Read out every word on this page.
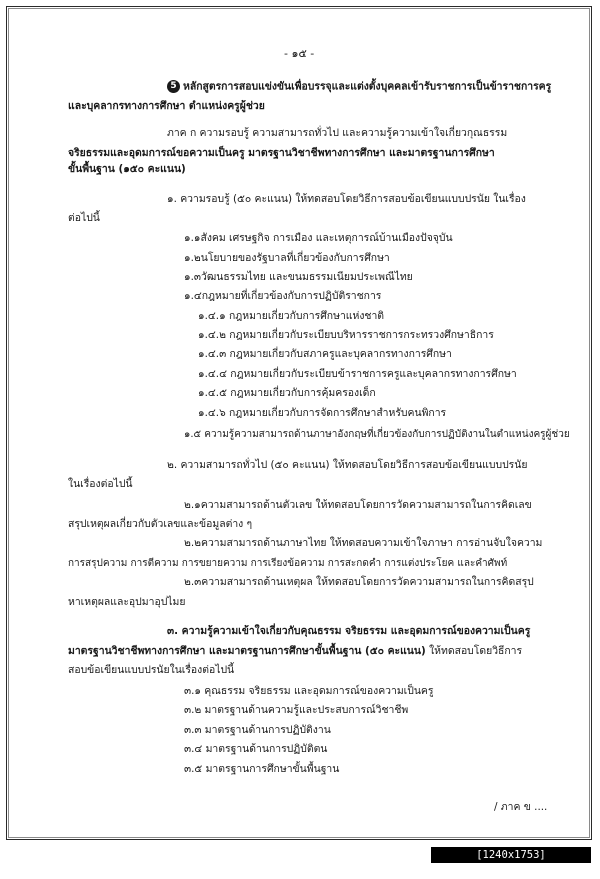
- ๑๕ -
5 หลักสูตรการสอบแข่งขันเพื่อบรรจุและแต่งตั้งบุคคลเข้ารับราชการเป็นข้าราชการครู
และบุคลากรทางการศึกษา ตำแหน่งครูผู้ช่วย
ภาค ก ความรอบรู้ ความสามารถทั่วไป และความรู้ความเข้าใจเกี่ยวกุณธรรม
จริยธรรมและอุดมการณ์ขอความเป็นครู มาตรฐานวิชาชีพทางการศึกษา และมาตรฐานการศึกษา
ขั้นพื้นฐาน (๑๕๐ คะแนน)
๑. ความรอบรู้ (๕๐ คะแนน) ให้ทดสอบโดยวิธีการสอบข้อเขียนแบบปรนัย ในเรื่อง
ต่อไปนี้
๑.๑สังคม เศรษฐกิจ การเมือง และเหตุการณ์บ้านเมืองปัจจุบัน
๑.๒นโยบายของรัฐบาลที่เกี่ยวข้องกับการศึกษา
๑.๓วัฒนธรรมไทย และขนมธรรมเนียมประเพณีไทย
๑.๔กฎหมายที่เกี่ยวข้องกับการปฏิบัติราชการ
๑.๔.๑ กฎหมายเกี่ยวกับการศึกษาแห่งชาติ
๑.๔.๒ กฎหมายเกี่ยวกับระเบียบบริหารราชการกระทรวงศึกษาธิการ
๑.๔.๓ กฎหมายเกี่ยวกับสภาครูและบุคลากรทางการศึกษา
๑.๔.๔ กฎหมายเกี่ยวกับระเบียบข้าราชการครูและบุคลากรทางการศึกษา
๑.๔.๕ กฎหมายเกี่ยวกับการคุ้มครองเด็ก
๑.๔.๖ กฎหมายเกี่ยวกับการจัดการศึกษาสำหรับคนพิการ
๑.๕ ความรู้ความสามารถด้านภาษาอังกฤษที่เกี่ยวข้องกับการปฏิบัติงานในตำแหน่งครูผู้ช่วย
๒. ความสามารถทั่วไป (๕๐ คะแนน) ให้ทดสอบโดยวิธีการสอบข้อเขียนแบบปรนัย
ในเรื่องต่อไปนี้
๒.๑ความสามารถด้านตัวเลข ให้ทดสอบโดยการวัดความสามารถในการคิดเลข
สรุปเหตุผลเกี่ยวกับตัวเลขและข้อมูลต่าง ๆ
๒.๒ความสามารถด้านภาษาไทย ให้ทดสอบความเข้าใจภาษา การอ่านจับใจความ
การสรุปความ การตีความ การขยายความ การเรียงข้อความ การสะกดคำ การแต่งประโยค และคำศัพท์
๒.๓ความสามารถด้านเหตุผล ให้ทดสอบโดยการวัดความสามารถในการคิดสรุป
หาเหตุผลและอุปมาอุปไมย
๓. ความรู้ความเข้าใจเกี่ยวกับคุณธรรม จริยธรรม และอุดมการณ์ของความเป็นครู
มาตรฐานวิชาชีพทางการศึกษา และมาตรฐานการศึกษาขั้นพื้นฐาน (๕๐ คะแนน) ให้ทดสอบโดยวิธีการ
สอบข้อเขียนแบบปรนัยในเรื่องต่อไปนี้
๓.๑ คุณธรรม จริยธรรม และอุดมการณ์ของความเป็นครู
๓.๒ มาตรฐานด้านความรู้และประสบการณ์วิชาชีพ
๓.๓ มาตรฐานด้านการปฏิบัติงาน
๓.๔ มาตรฐานด้านการปฏิบัติตน
๓.๕ มาตรฐานการศึกษาขั้นพื้นฐาน
/ ภาค ข ....
[1240x1753] https://upic.me
